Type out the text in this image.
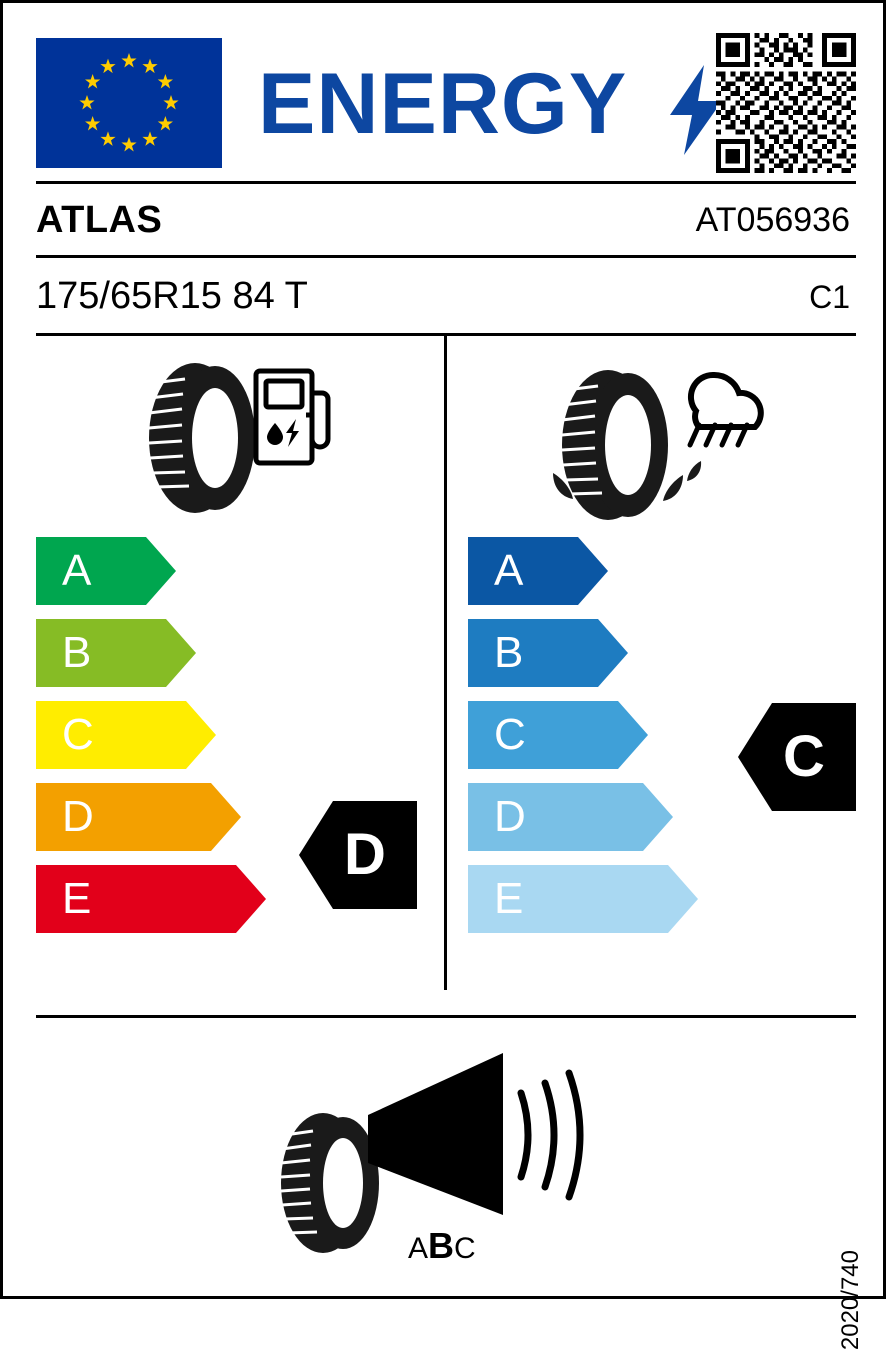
ENERGY
ATLAS	AT056936
175/65R15 84 T	C1
A
B
C
D
E
D
A
B
C
D
E
C
68dB
ABC
2020/740
